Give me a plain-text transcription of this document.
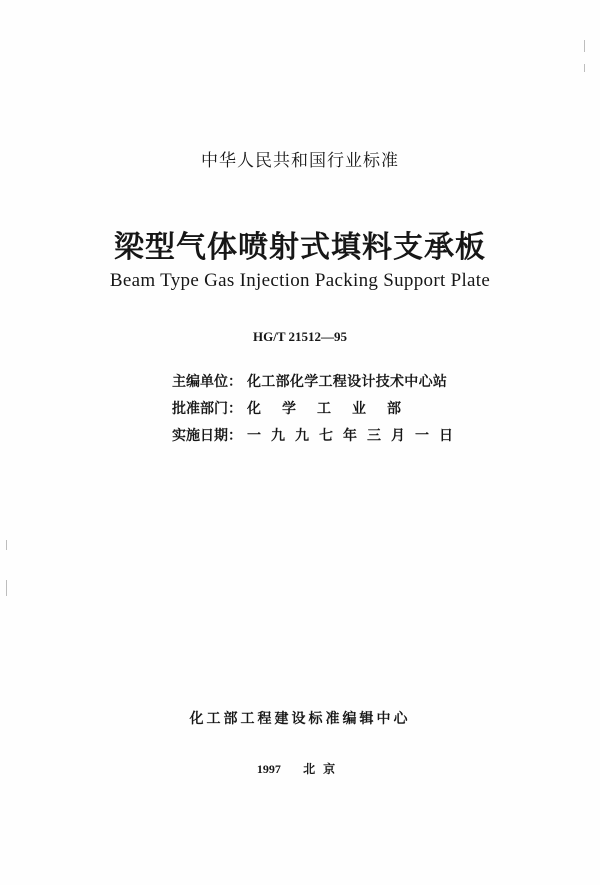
中华人民共和国行业标准
梁型气体喷射式填料支承板
Beam Type Gas Injection Packing Support Plate
HG/T 21512—95
主编单位： 化工部化学工程设计技术中心站
批准部门： 化学工业部
实施日期： 一九九七年三月一日
化工部工程建设标准编辑中心
1997 北京
